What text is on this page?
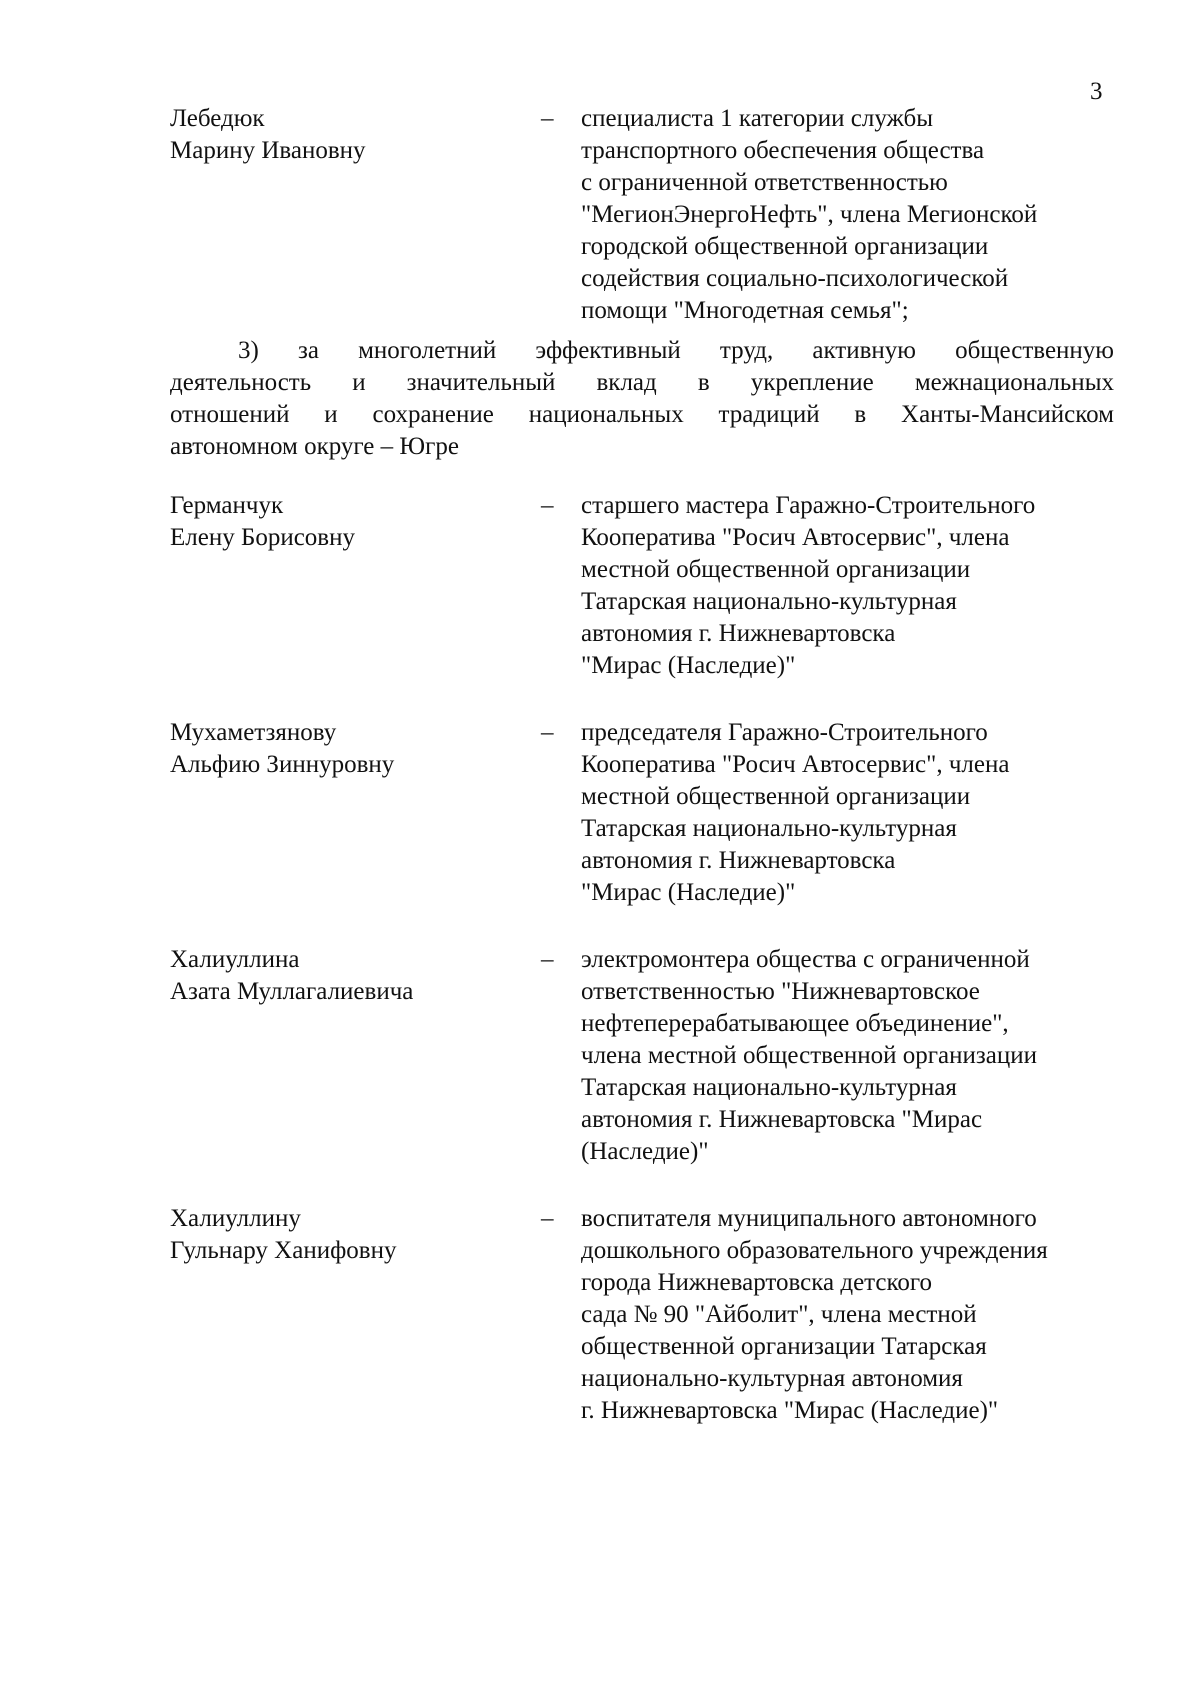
3
Лебедюк
Марину Ивановну
– специалиста 1 категории службы
транспортного обеспечения общества
с ограниченной ответственностью
"МегионЭнергоНефть", члена Мегионской
городской общественной организации
содействия социально-психологической
помощи "Многодетная семья";
3) за многолетний эффективный труд, активную общественную
деятельность и значительный вклад в укрепление межнациональных
отношений и сохранение национальных традиций в Ханты-Мансийском
автономном округе – Югре
Германчук
Елену Борисовну
– старшего мастера Гаражно-Строительного
Кооператива "Росич Автосервис", члена
местной общественной организации
Татарская национально-культурная
автономия г. Нижневартовска
"Мирас (Наследие)"
Мухаметзянову
Альфию Зиннуровну
– председателя Гаражно-Строительного
Кооператива "Росич Автосервис", члена
местной общественной организации
Татарская национально-культурная
автономия г. Нижневартовска
"Мирас (Наследие)"
Халиуллина
Азата Муллагалиевича
– электромонтера общества с ограниченной
ответственностью "Нижневартовское
нефтеперерабатывающее объединение",
члена местной общественной организации
Татарская национально-культурная
автономия г. Нижневартовска "Мирас
(Наследие)"
Халиуллину
Гульнару Ханифовну
– воспитателя муниципального автономного
дошкольного образовательного учреждения
города Нижневартовска детского
сада № 90 "Айболит", члена местной
общественной организации Татарская
национально-культурная автономия
г. Нижневартовска "Мирас (Наследие)"
